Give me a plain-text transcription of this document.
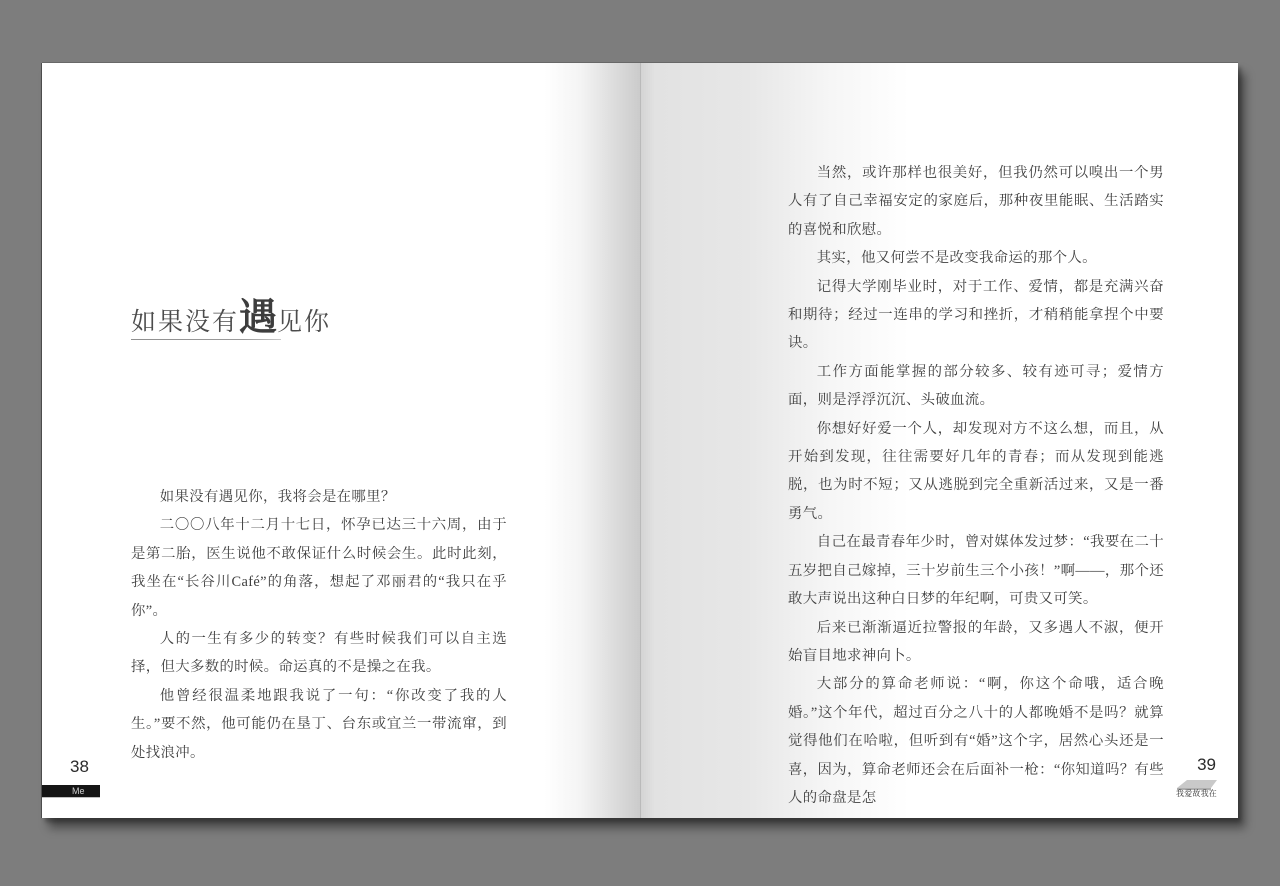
如果没有遇见你

如果没有遇见你，我将会是在哪里？

二〇〇八年十二月十七日，怀孕已达三十六周，由于是第二胎，医生说他不敢保证什么时候会生。此时此刻，我坐在“长谷川Café”的角落，想起了邓丽君的“我只在乎你”。

人的一生有多少的转变？有些时候我们可以自主选择，但大多数的时候。命运真的不是操之在我。

他曾经很温柔地跟我说了一句：“你改变了我的人生。”要不然，他可能仍在垦丁、台东或宜兰一带流窜，到处找浪冲。

38
Me

当然，或许那样也很美好，但我仍然可以嗅出一个男人有了自己幸福安定的家庭后，那种夜里能眠、生活踏实的喜悦和欣慰。

其实，他又何尝不是改变我命运的那个人。

记得大学刚毕业时，对于工作、爱情，都是充满兴奋和期待；经过一连串的学习和挫折，才稍稍能拿捏个中要诀。

工作方面能掌握的部分较多、较有迹可寻；爱情方面，则是浮浮沉沉、头破血流。

你想好好爱一个人，却发现对方不这么想，而且，从开始到发现，往往需要好几年的青春；而从发现到能逃脱，也为时不短；又从逃脱到完全重新活过来，又是一番勇气。

自己在最青春年少时，曾对媒体发过梦：“我要在二十五岁把自己嫁掉，三十岁前生三个小孩！”啊——，那个还敢大声说出这种白日梦的年纪啊，可贵又可笑。

后来已渐渐逼近拉警报的年龄，又多遇人不淑，便开始盲目地求神向卜。

大部分的算命老师说：“啊，你这个命哦，适合晚婚。”这个年代，超过百分之八十的人都晚婚不是吗？就算觉得他们在哈啦，但听到有“婚”这个字，居然心头还是一喜，因为，算命老师还会在后面补一枪：“你知道吗？有些人的命盘是怎

39
我爱故我在
